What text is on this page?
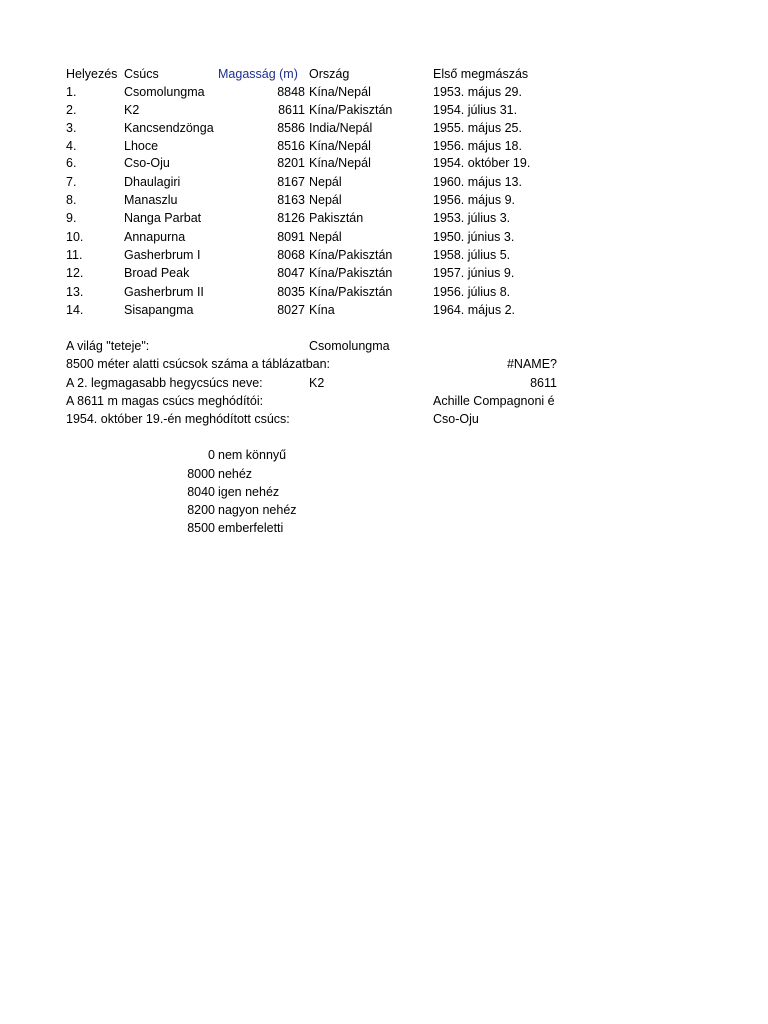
Helyezés Csúcs	Magasság (m) Ország	Első megmászás
1.	Csomolungma	8848 Kína/Nepál	1953. május 29.
2.	K2	8611 Kína/Pakisztán	1954. július 31.
3.	Kancsendzönga	8586 India/Nepál	1955. május 25.
4.	Lhoce	8516 Kína/Nepál	1956. május 18.
6.	Cso-Oju	8201 Kína/Nepál	1954. október 19.
7.	Dhaulagiri	8167 Nepál	1960. május 13.
8.	Manaszlu	8163 Nepál	1956. május 9.
9.	Nanga Parbat	8126 Pakisztán	1953. július 3.
10.	Annapurna	8091 Nepál	1950. június 3.
11.	Gasherbrum I	8068 Kína/Pakisztán	1958. július 5.
12.	Broad Peak	8047 Kína/Pakisztán	1957. június 9.
13.	Gasherbrum II	8035 Kína/Pakisztán	1956. július 8.
14.	Sisapangma	8027 Kína	1964. május 2.
A világ "teteje":	Csomolungma
8500 méter alatti csúcsok száma a táblázatban:	#NAME?
A 2. legmagasabb hegycsúcs neve:	K2	8611
A 8611 m magas csúcs meghódítói:	Achille Compagnoni é
1954. október 19.-én meghódított csúcs:	Cso-Oju
0 nem könnyű
8000 nehéz
8040 igen nehéz
8200 nagyon nehéz
8500 emberfeletti
